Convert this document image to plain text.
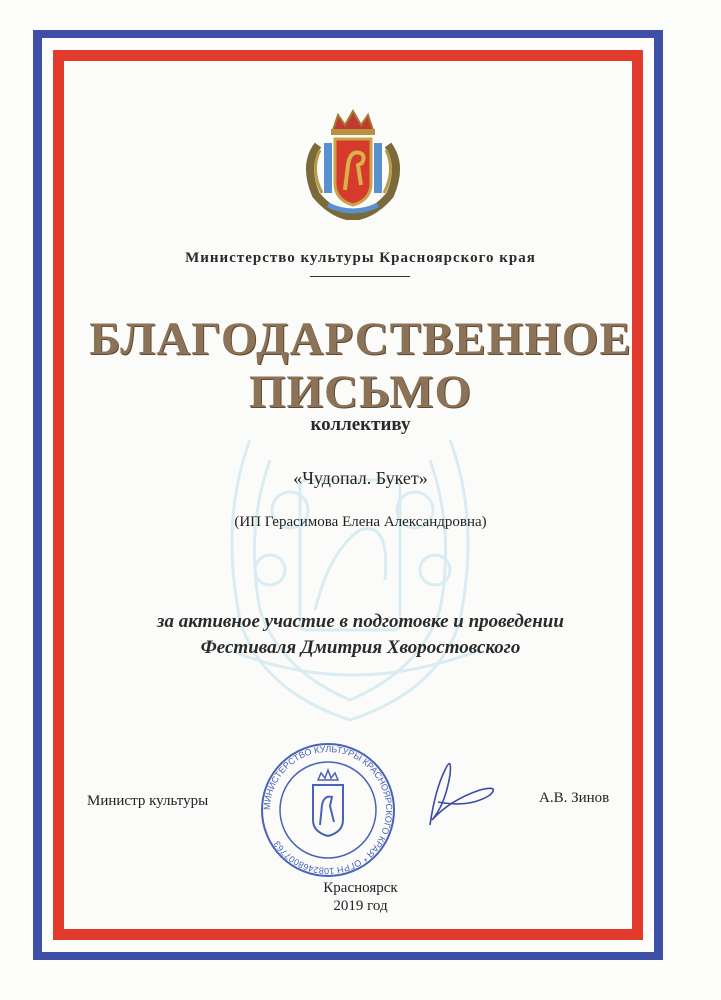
Министерство культуры Красноярского края
БЛАГОДАРСТВЕННОЕ
ПИСЬМО
коллективу
«Чудопал. Букет»
(ИП Герасимова Елена Александровна)
за активное участие в подготовке и проведении
Фестиваля Дмитрия Хворостовского
Министр культуры	МИНИСТЕРСТВО КУЛЬТУРЫ КРАСНОЯРСКОГО КРАЯ * ОГРН 1082468007763
А.В. Зинов
Красноярск
2019 год
